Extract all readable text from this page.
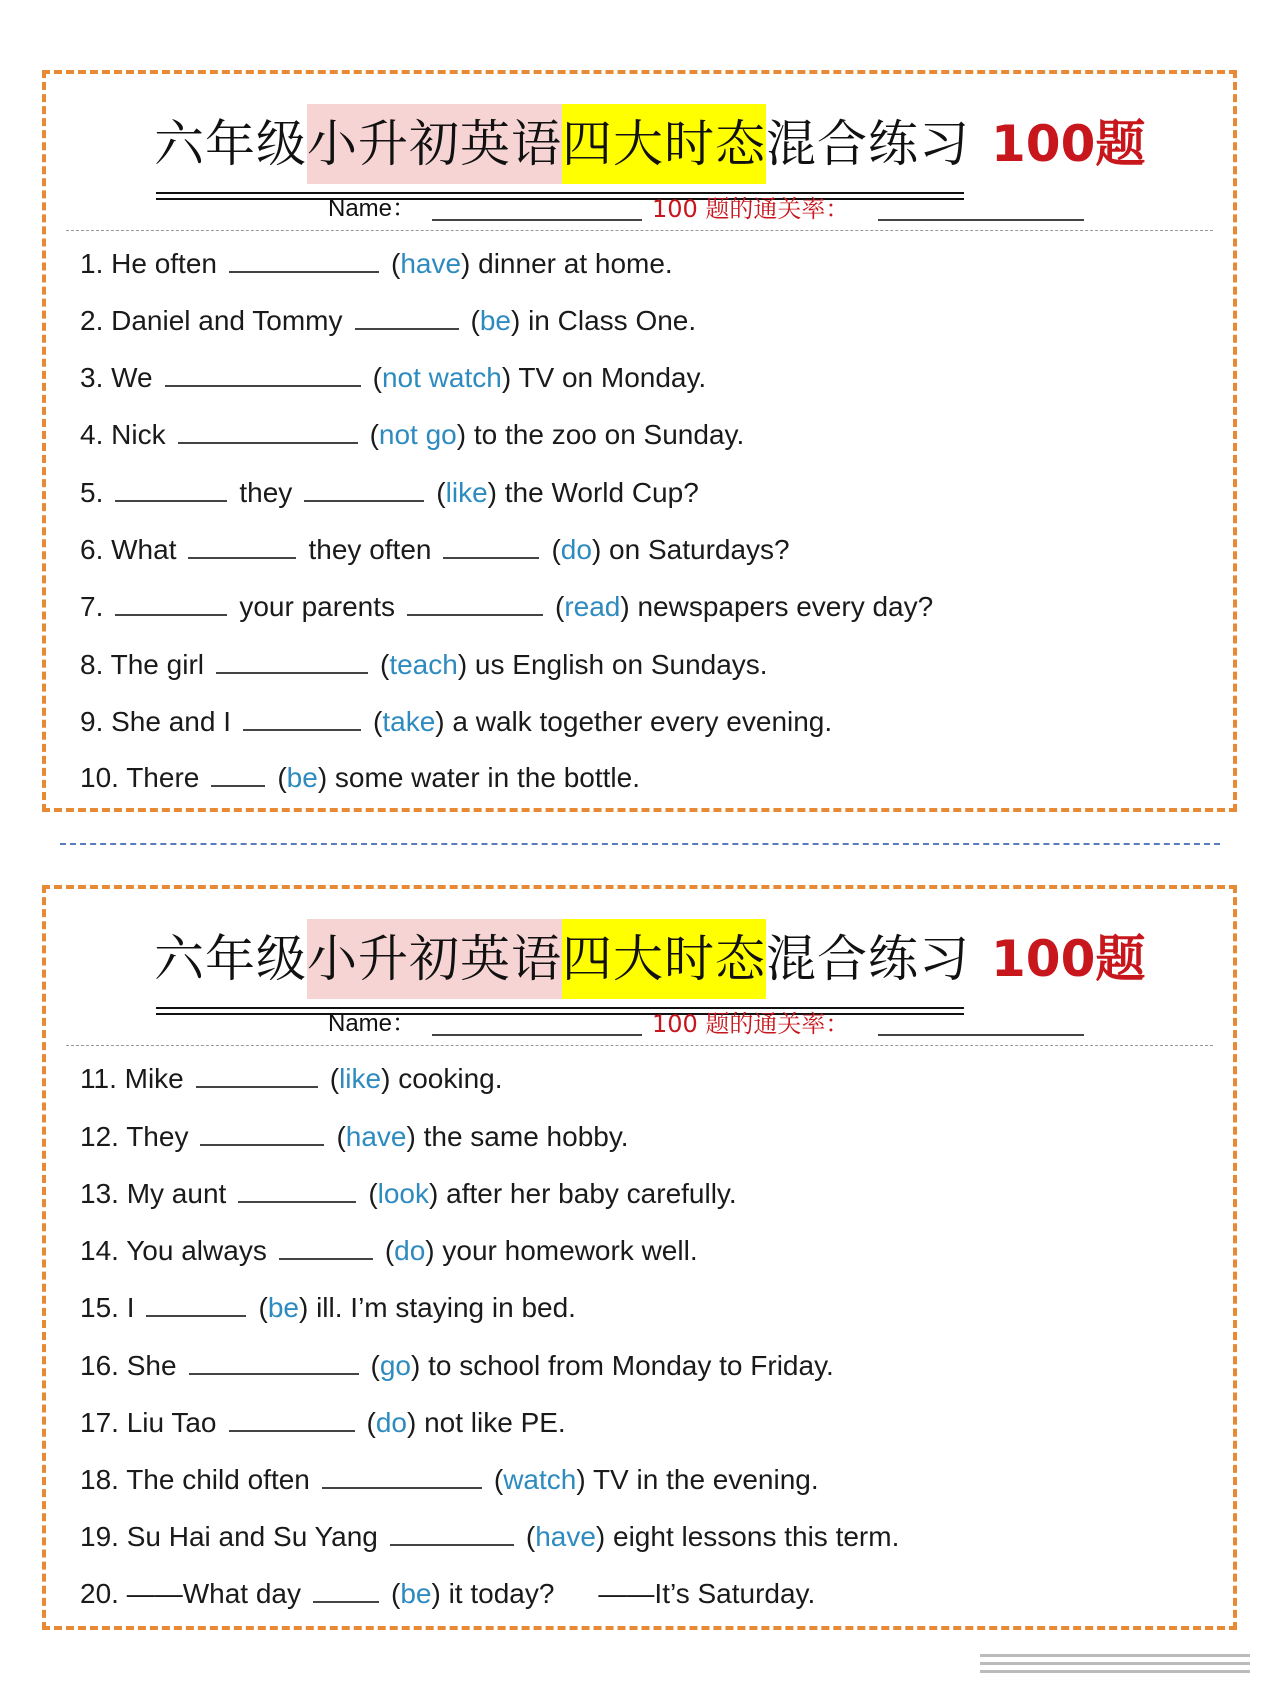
六年级小升初英语四大时态混合练习 100题
Name：	100 题的通关率：
1. He often	(have) dinner at home.
2. Daniel and Tommy	(be) in Class One.
3. We	(not watch) TV on Monday.
4. Nick	(not go) to the zoo on Sunday.
5.	they	(like) the World Cup?
6. What	they often	(do) on Saturdays?
7.	your parents	(read) newspapers every day?
8. The girl	(teach) us English on Sundays.
9. She and I	(take) a walk together every evening.
10. There	(be) some water in the bottle.
六年级小升初英语四大时态混合练习 100题
Name：	100 题的通关率：
11. Mike	(like) cooking.
12. They	(have) the same hobby.
13. My aunt	(look) after her baby carefully.
14. You always	(do) your homework well.
15. I	(be) ill. I’m staying in bed.
16. She	(go) to school from Monday to Friday.
17. Liu Tao	(do) not like PE.
18. The child often	(watch) TV in the evening.
19. Su Hai and Su Yang	(have) eight lessons this term.
20. ——What day	(be) it today? ——It’s Saturday.
